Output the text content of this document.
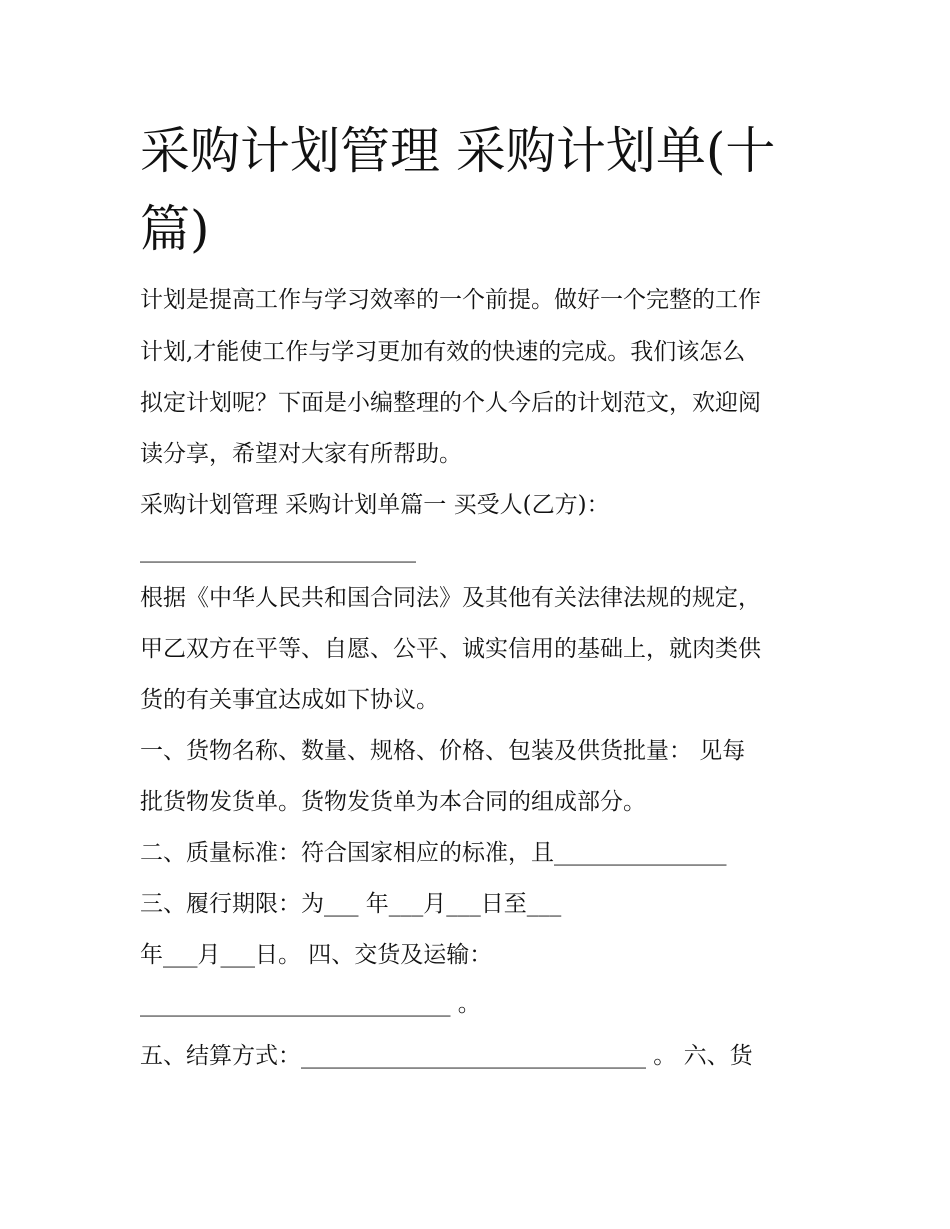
采购计划管理 采购计划单(十
篇)

计划是提高工作与学习效率的一个前提。做好一个完整的工作

计划,才能使工作与学习更加有效的快速的完成。我们该怎么

拟定计划呢？下面是小编整理的个人今后的计划范文，欢迎阅

读分享，希望对大家有所帮助。

采购计划管理 采购计划单篇一 买受人(乙方)：

________________________

根据《中华人民共和国合同法》及其他有关法律法规的规定，

甲乙双方在平等、自愿、公平、诚实信用的基础上，就肉类供

货的有关事宜达成如下协议。

一、货物名称、数量、规格、价格、包装及供货批量： 见每

批货物发货单。货物发货单为本合同的组成部分。

二、质量标准：符合国家相应的标准，且_______________

三、履行期限：为___ 年___月___日至___

年___月___日。 四、交货及运输：

___________________________ 。

五、结算方式：______________________________ 。 六、货
